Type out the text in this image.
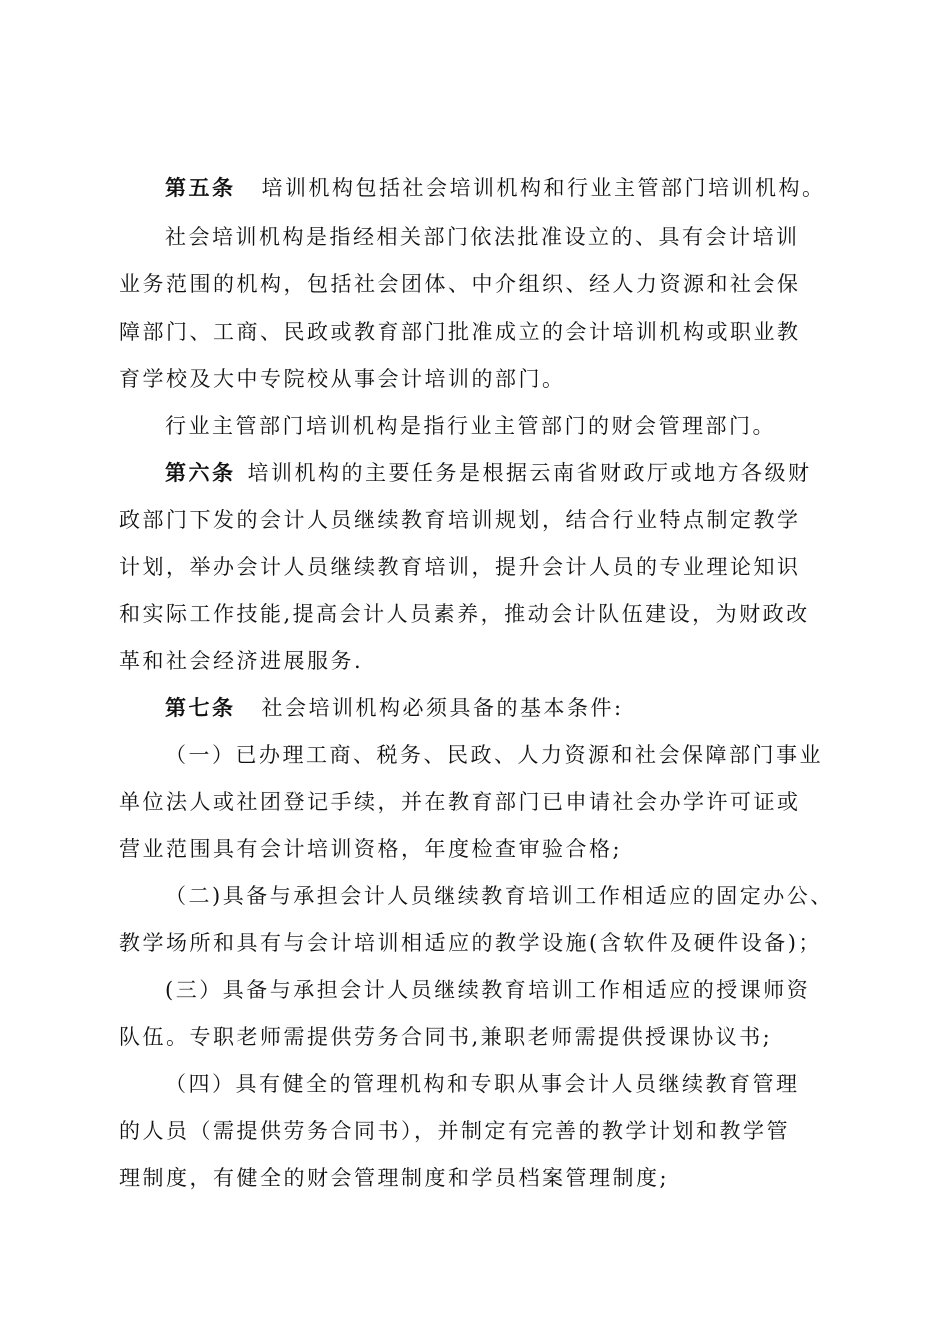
第五条 培训机构包括社会培训机构和行业主管部门培训机构。
社会培训机构是指经相关部门依法批准设立的、具有会计培训
业务范围的机构，包括社会团体、中介组织、经人力资源和社会保
障部门、工商、民政或教育部门批准成立的会计培训机构或职业教
育学校及大中专院校从事会计培训的部门。
行业主管部门培训机构是指行业主管部门的财会管理部门。
第六条 培训机构的主要任务是根据云南省财政厅或地方各级财
政部门下发的会计人员继续教育培训规划，结合行业特点制定教学
计划，举办会计人员继续教育培训，提升会计人员的专业理论知识
和实际工作技能,提高会计人员素养，推动会计队伍建设，为财政改
革和社会经济进展服务.
第七条 社会培训机构必须具备的基本条件:
（一）已办理工商、税务、民政、人力资源和社会保障部门事业
单位法人或社团登记手续，并在教育部门已申请社会办学许可证或
营业范围具有会计培训资格，年度检查审验合格;
（二)具备与承担会计人员继续教育培训工作相适应的固定办公、
教学场所和具有与会计培训相适应的教学设施(含软件及硬件设备)；
(三）具备与承担会计人员继续教育培训工作相适应的授课师资
队伍。专职老师需提供劳务合同书,兼职老师需提供授课协议书;
（四）具有健全的管理机构和专职从事会计人员继续教育管理
的人员（需提供劳务合同书），并制定有完善的教学计划和教学管
理制度，有健全的财会管理制度和学员档案管理制度;
